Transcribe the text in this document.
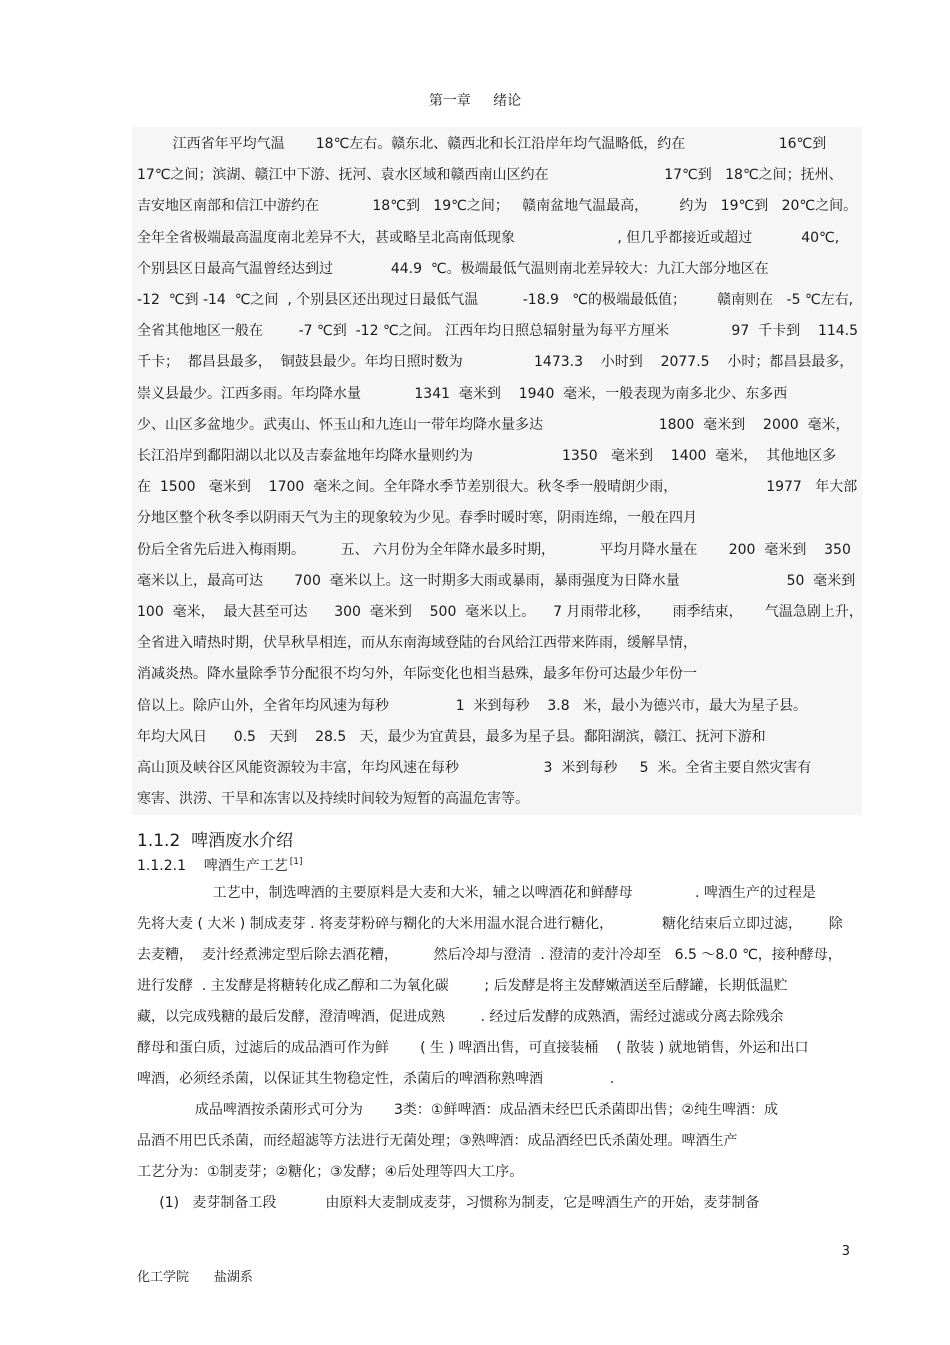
第一章 绪论
江西省年平均气温       18℃左右。赣东北、赣西北和长江沿岸年均气温略低，约在                     16℃到
17℃之间；滨湖、赣江中下游、抚河、袁水区域和赣西南山区约在                          17℃到   18℃之间；抚州、
吉安地区南部和信江中游约在            18℃到   19℃之间；   赣南盆地气温最高，       约为   19℃到   20℃之间。
全年全省极端最高温度南北差异不大，甚或略呈北高南低现象                       , 但几乎都接近或超过           40℃,
个别县区日最高气温曾经达到过             44.9  ℃。极端最低气温则南北差异较大：九江大部分地区在
-12  ℃到 -14  ℃之间  , 个别县区还出现过日最低气温          -18.9   ℃的极端最低值；       赣南则在   -5 ℃左右,
全省其他地区一般在        -7 ℃到  -12 ℃之间。 江西年均日照总辐射量为每平方厘米              97  千卡到    114.5
千卡；  都昌县最多，  铜鼓县最少。年均日照时数为                1473.3    小时到    2077.5    小时；都昌县最多，
崇义县最少。江西多雨。年均降水量            1341  毫米到    1940  毫米，一般表现为南多北少、东多西
少、山区多盆地少。武夷山、怀玉山和九连山一带年均降水量多达                          1800  毫米到    2000  毫米，
长江沿岸到鄱阳湖以北以及吉泰盆地年均降水量则约为                    1350   毫米到    1400  毫米，  其他地区多
在  1500   毫米到    1700  毫米之间。全年降水季节差别很大。秋冬季一般晴朗少雨，                    1977   年大部
分地区整个秋冬季以阴雨天气为主的现象较为少见。春季时暖时寒，阴雨连绵，一般在四月
份后全省先后进入梅雨期。        五、 六月份为全年降水最多时期，          平均月降水量在       200  毫米到    350
毫米以上，最高可达       700  毫米以上。这一时期多大雨或暴雨，暴雨强度为日降水量                        50  毫米到
100  毫米，  最大甚至可达      300  毫米到    500  毫米以上。    7 月雨带北移，     雨季结束，     气温急剧上升，
全省进入晴热时期，伏旱秋旱相连，而从东南海域登陆的台风给江西带来阵雨，缓解旱情，
消减炎热。降水量除季节分配很不均匀外，年际变化也相当悬殊，最多年份可达最少年份一
倍以上。除庐山外，全省年均风速为每秒               1  米到每秒    3.8   米，最小为德兴市，最大为星子县。
年均大风日      0.5   天到    28.5   天，最少为宜黄县，最多为星子县。鄱阳湖滨，赣江、抚河下游和
高山顶及峡谷区风能资源较为丰富，年均风速在每秒                   3  米到每秒     5  米。全省主要自然灾害有
寒害、洪涝、干旱和冻害以及持续时间较为短暂的高温危害等。
1.1.2 啤酒废水介绍
1.1.2.1 啤酒生产工艺 [1]
工艺中，制选啤酒的主要原料是大麦和大米，辅之以啤酒花和鲜酵母              . 啤酒生产的过程是
先将大麦 ( 大米 ) 制成麦芽 . 将麦芽粉碎与糊化的大米用温水混合进行糖化，           糖化结束后立即过滤，      除
去麦糟，  麦汁经煮沸定型后除去酒花糟，        然后冷却与澄清  . 澄清的麦汁冷却至   6.5 ～8.0 ℃，接种酵母，
进行发酵  . 主发酵是将糖转化成乙醇和二为氧化碳        ; 后发酵是将主发酵嫩酒送至后酵罐，长期低温贮
藏，以完成残糖的最后发酵，澄清啤酒，促进成熟        . 经过后发酵的成熟酒，需经过滤或分离去除残余
酵母和蛋白质，过滤后的成品酒可作为鲜       ( 生 ) 啤酒出售，可直接装桶    ( 散装 ) 就地销售，外运和出口
啤酒，必须经杀菌，以保证其生物稳定性，杀菌后的啤酒称熟啤酒               .
成品啤酒按杀菌形式可分为       3类：①鲜啤酒：成品酒未经巴氏杀菌即出售；②纯生啤酒：成
品酒不用巴氏杀菌，而经超滤等方法进行无菌处理；③熟啤酒：成品酒经巴氏杀菌处理。啤酒生产
工艺分为：①制麦芽；②糖化；③发酵；④后处理等四大工序。
(1)   麦芽制备工段           由原料大麦制成麦芽，习惯称为制麦，它是啤酒生产的开始，麦芽制备
3
化工学院 盐湖系
